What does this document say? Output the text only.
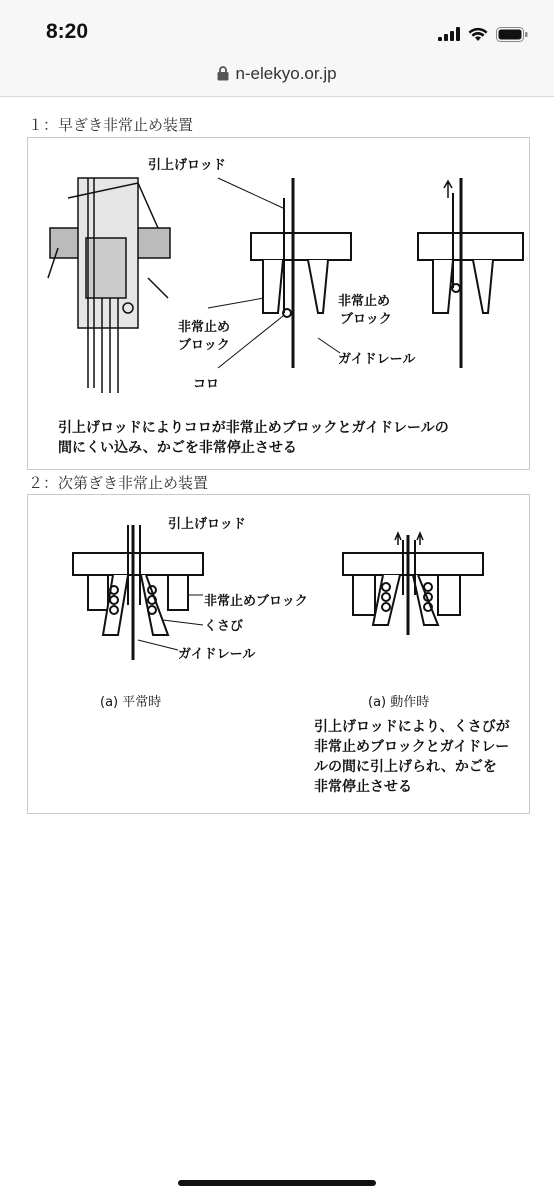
8:20
n-elekyo.or.jp
１：早ぎき非常止め装置
引上げロッド
非常止め
ブロック
非常止め
ブロック
コロ
ガイドレール
引上げロッドによりコロが非常止めブロックとガイドレールの
間にくい込み、かごを非常停止させる
２：次第ぎき非常止め装置
引上げロッド
非常止めブロック
くさび
ガイドレール
(a) 平常時	(a) 動作時
引上げロッドにより、くさびが
非常止めブロックとガイドレー
ルの間に引上げられ、かごを
非常停止させる
